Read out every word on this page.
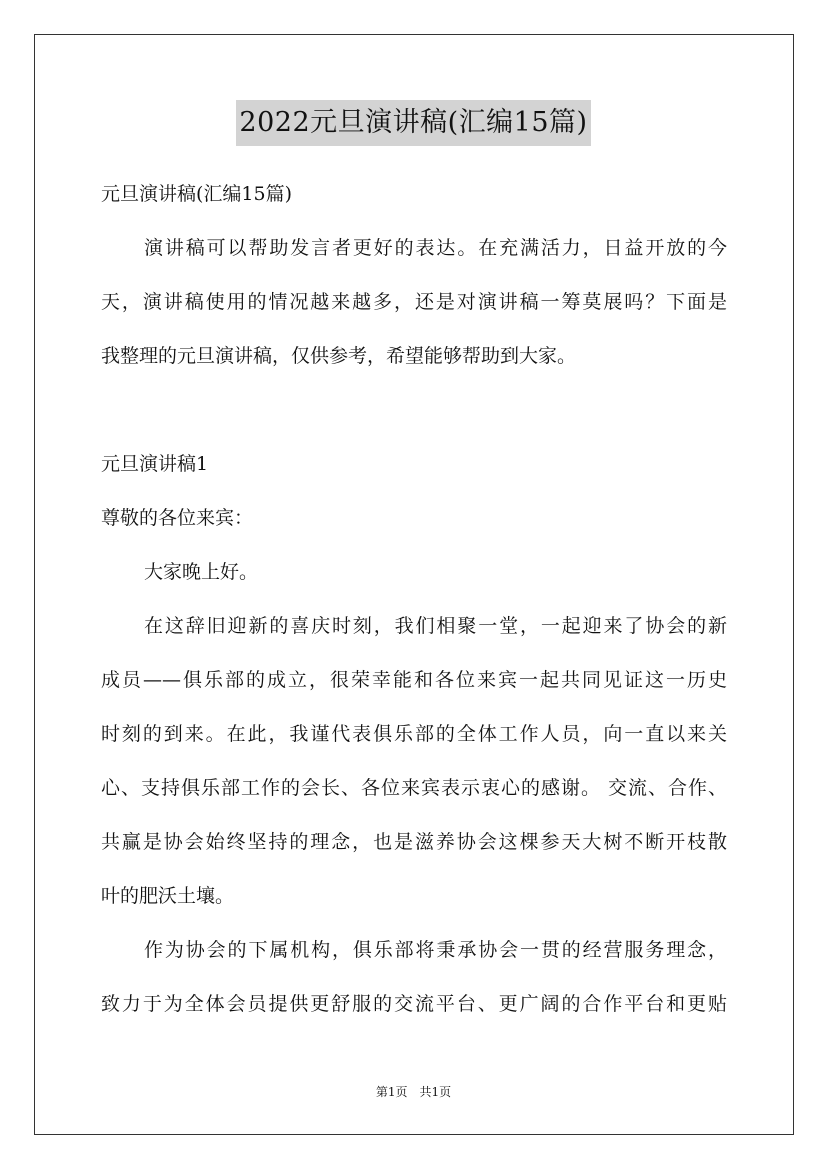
2022元旦演讲稿(汇编15篇)
元旦演讲稿(汇编15篇)
演讲稿可以帮助发言者更好的表达。在充满活力，日益开放的今
天，演讲稿使用的情况越来越多，还是对演讲稿一筹莫展吗？下面是
我整理的元旦演讲稿，仅供参考，希望能够帮助到大家。
元旦演讲稿1
尊敬的各位来宾：
大家晚上好。
在这辞旧迎新的喜庆时刻，我们相聚一堂，一起迎来了协会的新
成员——俱乐部的成立，很荣幸能和各位来宾一起共同见证这一历史
时刻的到来。在此，我谨代表俱乐部的全体工作人员，向一直以来关
心、支持俱乐部工作的会长、各位来宾表示衷心的感谢。 交流、合作、
共赢是协会始终坚持的理念，也是滋养协会这棵参天大树不断开枝散
叶的肥沃土壤。
作为协会的下属机构，俱乐部将秉承协会一贯的经营服务理念，
致力于为全体会员提供更舒服的交流平台、更广阔的合作平台和更贴
第1页　共1页
